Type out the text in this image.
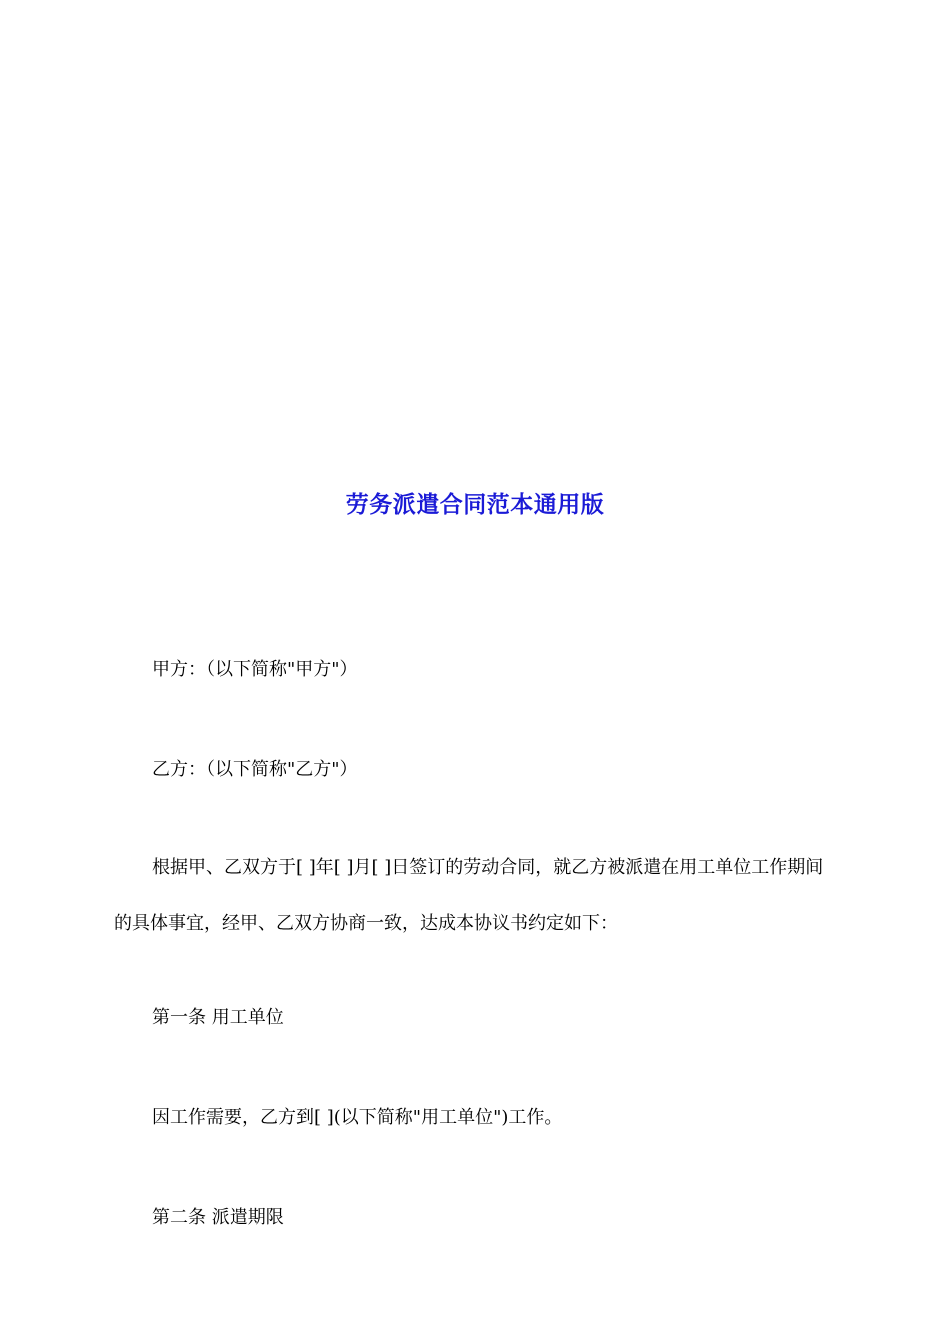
劳务派遣合同范本通用版

甲方：（以下简称"甲方"）

乙方：（以下简称"乙方"）

根据甲、乙双方于[ ]年[ ]月[ ]日签订的劳动合同，就乙方被派遣在用工单位工作期间的具体事宜，经甲、乙双方协商一致，达成本协议书约定如下：

第一条 用工单位

因工作需要，乙方到[ ](以下简称"用工单位")工作。

第二条 派遣期限
